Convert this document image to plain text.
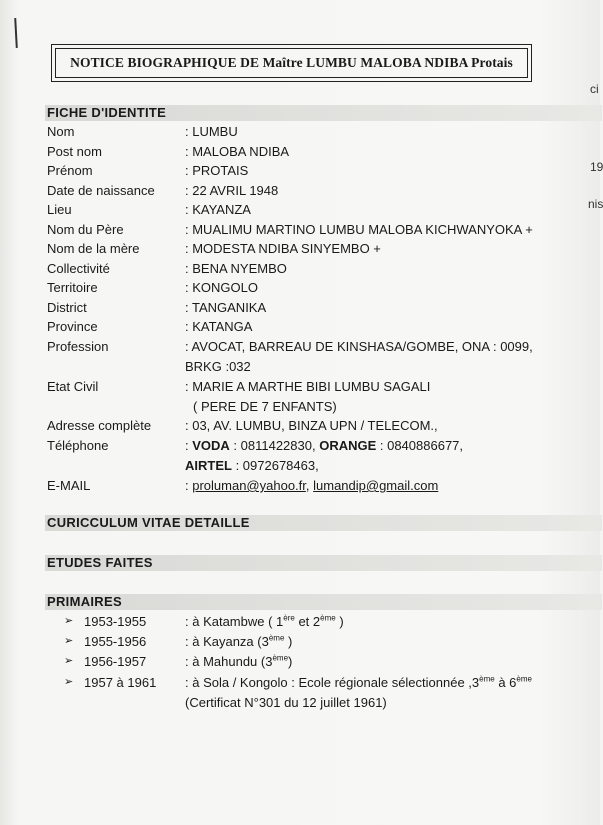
ci
19
nis
NOTICE BIOGRAPHIQUE DE Maître LUMBU MALOBA NDIBA Protais
FICHE D'IDENTITE
Nom	: LUMBU
Post nom	: MALOBA NDIBA
Prénom	: PROTAIS
Date de naissance : 22 AVRIL 1948
Lieu	: KAYANZA
Nom du Père	: MUALIMU MARTINO LUMBU MALOBA KICHWANYOKA +
Nom de la mère	: MODESTA NDIBA SINYEMBO +
Collectivité	: BENA NYEMBO
Territoire	: KONGOLO
District	: TANGANIKA
Province	: KATANGA
Profession	: AVOCAT, BARREAU DE KINSHASA/GOMBE, ONA : 0099,
BRKG :032
Etat Civil	: MARIE A MARTHE BIBI LUMBU SAGALI
( PERE DE 7 ENFANTS)
Adresse complète	: 03, AV. LUMBU, BINZA UPN / TELECOM.,
Téléphone	: VODA : 0811422830, ORANGE : 0840886677,
AIRTEL : 0972678463,
E-MAIL	: proluman@yahoo.fr, lumandip@gmail.com
CURICCULUM VITAE DETAILLE
ETUDES FAITES
PRIMAIRES
➢ 1953-1955	: à Katambwe ( 1ère et 2ème )
➢ 1955-1956	: à Kayanza (3ème )
➢ 1956-1957	: à Mahundu (3ème)
➢ 1957 à 1961 : à Sola / Kongolo : Ecole régionale sélectionnée ,3ème à 6ème
(Certificat N°301 du 12 juillet 1961)
